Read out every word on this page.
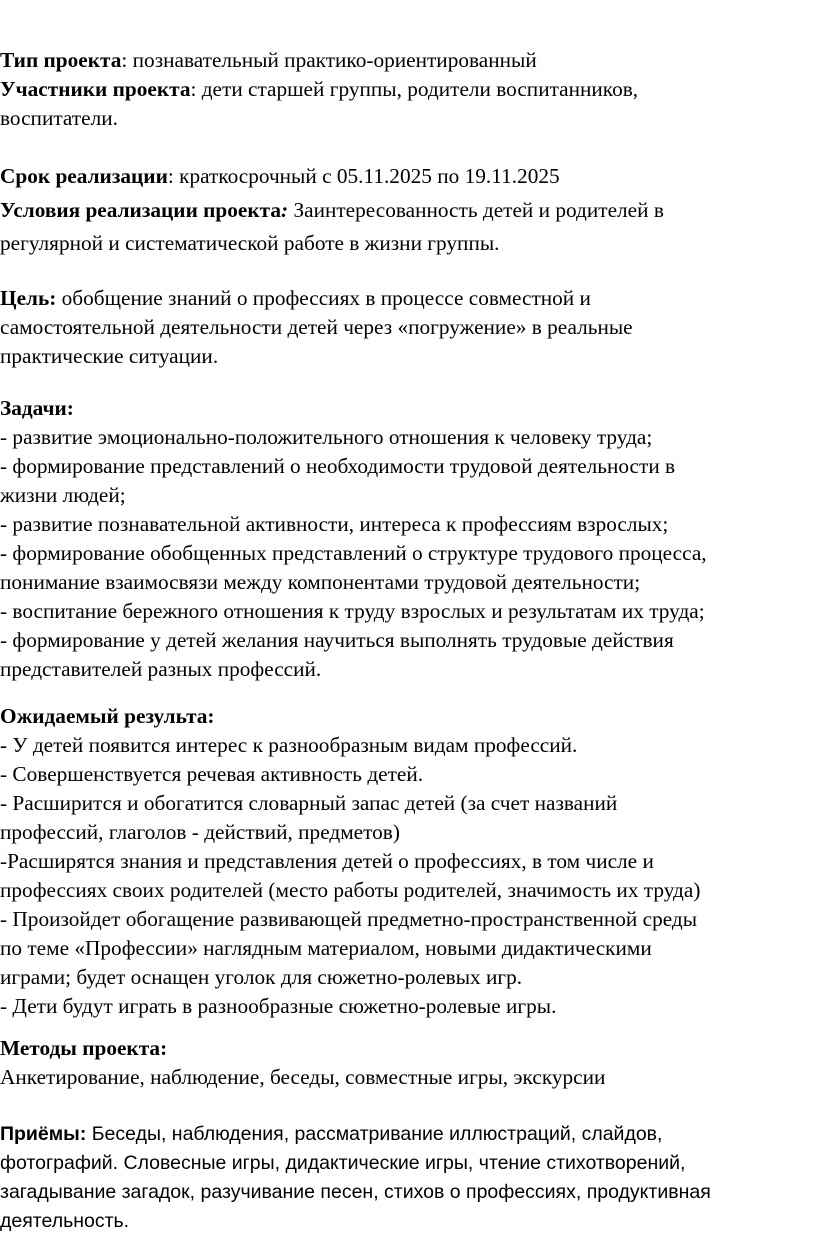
Тип проекта: познавательный практико-ориентированный
Участники проекта: дети старшей группы, родители воспитанников,
воспитатели.
Срок реализации: краткосрочный с 05.11.2025 по 19.11.2025
Условия реализации проекта: Заинтересованность детей и родителей в
регулярной и систематической работе в жизни группы.
Цель: обобщение знаний о профессиях в процессе совместной и
самостоятельной деятельности детей через «погружение» в реальные
практические ситуации.
Задачи:
- развитие эмоционально-положительного отношения к человеку труда;
- формирование представлений о необходимости трудовой деятельности в
жизни людей;
- развитие познавательной активности, интереса к профессиям взрослых;
- формирование обобщенных представлений о структуре трудового процесса,
понимание взаимосвязи между компонентами трудовой деятельности;
- воспитание бережного отношения к труду взрослых и результатам их труда;
- формирование у детей желания научиться выполнять трудовые действия
представителей разных профессий.
Ожидаемый результа:
- У детей появится интерес к разнообразным видам профессий.
- Совершенствуется речевая активность детей.
- Расширится и обогатится словарный запас детей (за счет названий
профессий, глаголов - действий, предметов)
-Расширятся знания и представления детей о профессиях, в том числе и
профессиях своих родителей (место работы родителей, значимость их труда)
- Произойдет обогащение развивающей предметно-пространственной среды
по теме «Профессии» наглядным материалом, новыми дидактическими
играми; будет оснащен уголок для сюжетно-ролевых игр.
- Дети будут играть в разнообразные сюжетно-ролевые игры.
Методы проекта:
Анкетирование, наблюдение, беседы, совместные игры, экскурсии
Приёмы: Беседы, наблюдения, рассматривание иллюстраций, слайдов,
фотографий. Словесные игры, дидактические игры, чтение стихотворений,
загадывание загадок, разучивание песен, стихов о профессиях, продуктивная
деятельность.
